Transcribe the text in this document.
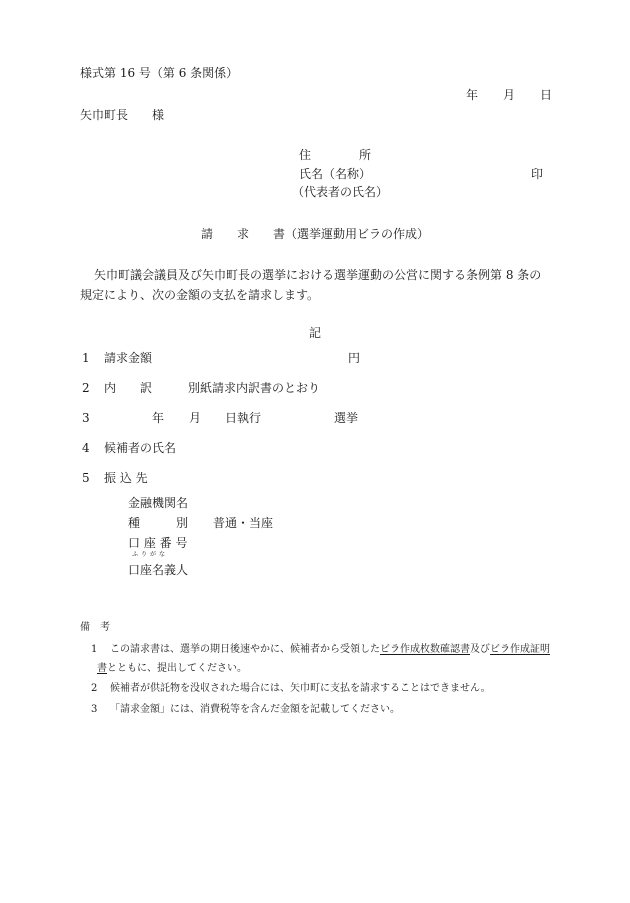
様式第 16 号（第 6 条関係）
年 月 日
矢巾町長　　様
住　　　　所
氏名（名称）	印
（代表者の氏名）
請　　求　　書（選挙運動用ビラの作成）
矢巾町議会議員及び矢巾町長の選挙における選挙運動の公営に関する条例第 8 条の
規定により、次の金額の支払を請求します。
記
1 請求金額	円
2 内　　訳	別紙請求内訳書のとおり
3	年 月 日執行	選挙
4 候補者の氏名
5 振 込 先
金融機関名
種　　　別 普通・当座
口 座 番 号
ふりがな
口座名義人
備　考
1 この請求書は、選挙の期日後速やかに、候補者から受領したビラ作成枚数確認書及びビラ作成証明
書とともに、提出してください。
2 候補者が供託物を没収された場合には、矢巾町に支払を請求することはできません。
3 「請求金額」には、消費税等を含んだ金額を記載してください。
